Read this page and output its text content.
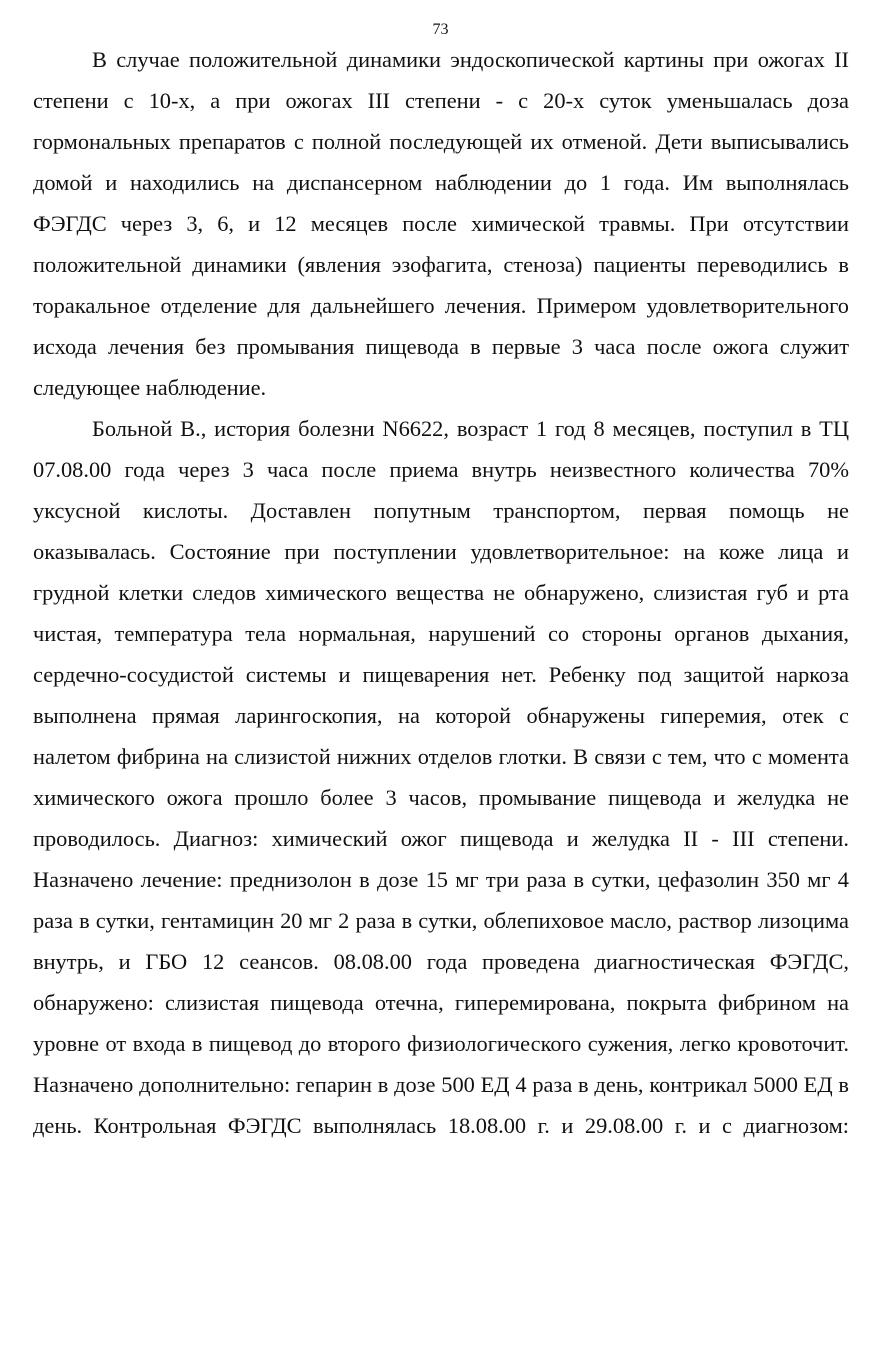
73

В случае положительной динамики эндоскопической картины при ожогах II степени с 10-х, а при ожогах III степени - с 20-х суток уменьшалась доза гормональных препаратов с полной последующей их отменой. Дети выписывались домой и находились на диспансерном наблюдении до 1 года. Им выполнялась ФЭГДС через 3, 6, и 12 месяцев после химической травмы. При отсутствии положительной динамики (явления эзофагита, стеноза) пациенты переводились в торакальное отделение для дальнейшего лечения. Примером удовлетворительного исхода лечения без промывания пищевода в первые 3 часа после ожога служит следующее наблюдение.

Больной В., история болезни N6622, возраст 1 год 8 месяцев, поступил в ТЦ 07.08.00 года через 3 часа после приема внутрь неизвестного количества 70% уксусной кислоты. Доставлен попутным транспортом, первая помощь не оказывалась. Состояние при поступлении удовлетворительное: на коже лица и грудной клетки следов химического вещества не обнаружено, слизистая губ и рта чистая, температура тела нормальная, нарушений со стороны органов дыхания, сердечно-сосудистой системы и пищеварения нет. Ребенку под защитой наркоза выполнена прямая ларингоскопия, на которой обнаружены гиперемия, отек с налетом фибрина на слизистой нижних отделов глотки. В связи с тем, что с момента химического ожога прошло более 3 часов, промывание пищевода и желудка не проводилось. Диагноз: химический ожог пищевода и желудка II - III степени. Назначено лечение: преднизолон в дозе 15 мг три раза в сутки, цефазолин 350 мг 4 раза в сутки, гентамицин 20 мг 2 раза в сутки, облепиховое масло, раствор лизоцима внутрь, и ГБО 12 сеансов. 08.08.00 года проведена диагностическая ФЭГДС, обнаружено: слизистая пищевода отечна, гиперемирована, покрыта фибрином на уровне от входа в пищевод до второго физиологического сужения, легко кровоточит. Назначено дополнительно: гепарин в дозе 500 ЕД 4 раза в день, контрикал 5000 ЕД в день. Контрольная ФЭГДС выполнялась 18.08.00 г. и 29.08.00 г. и с диагнозом:
